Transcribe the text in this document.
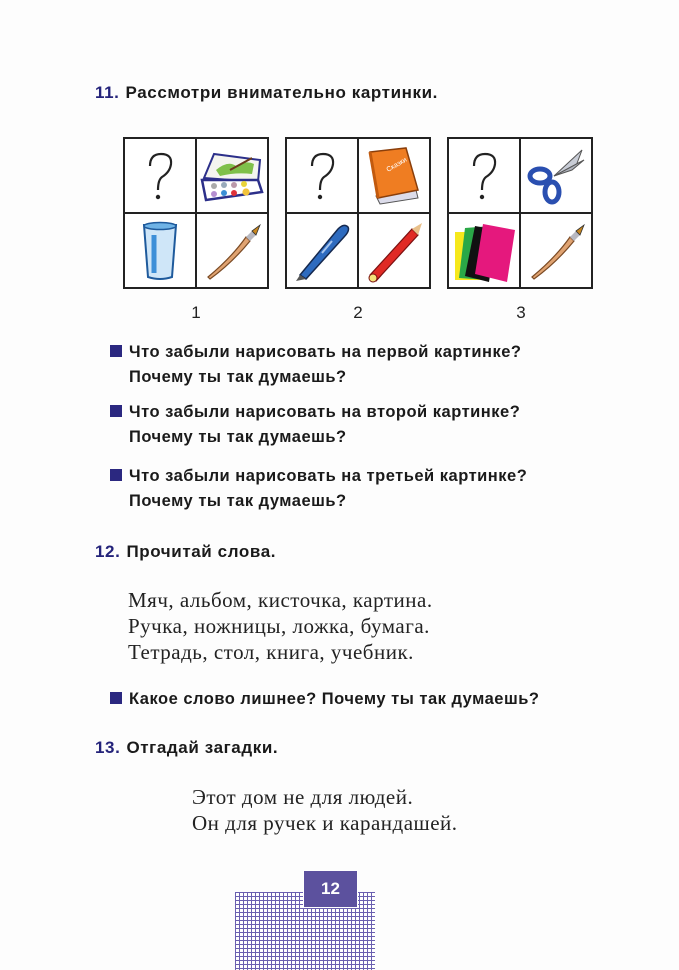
11. Рассмотри внимательно картинки.
1
Сказки
2	3
Что забыли нарисовать на первой картинке?
Почему ты так думаешь?
Что забыли нарисовать на второй картинке?
Почему ты так думаешь?
Что забыли нарисовать на третьей картинке?
Почему ты так думаешь?
12. Прочитай слова.
Мяч, альбом, кисточка, картина.
Ручка, ножницы, ложка, бумага.
Тетрадь, стол, книга, учебник.
Какое слово лишнее? Почему ты так думаешь?
13. Отгадай загадки.
Этот дом не для людей.
Он для ручек и карандашей.
12
